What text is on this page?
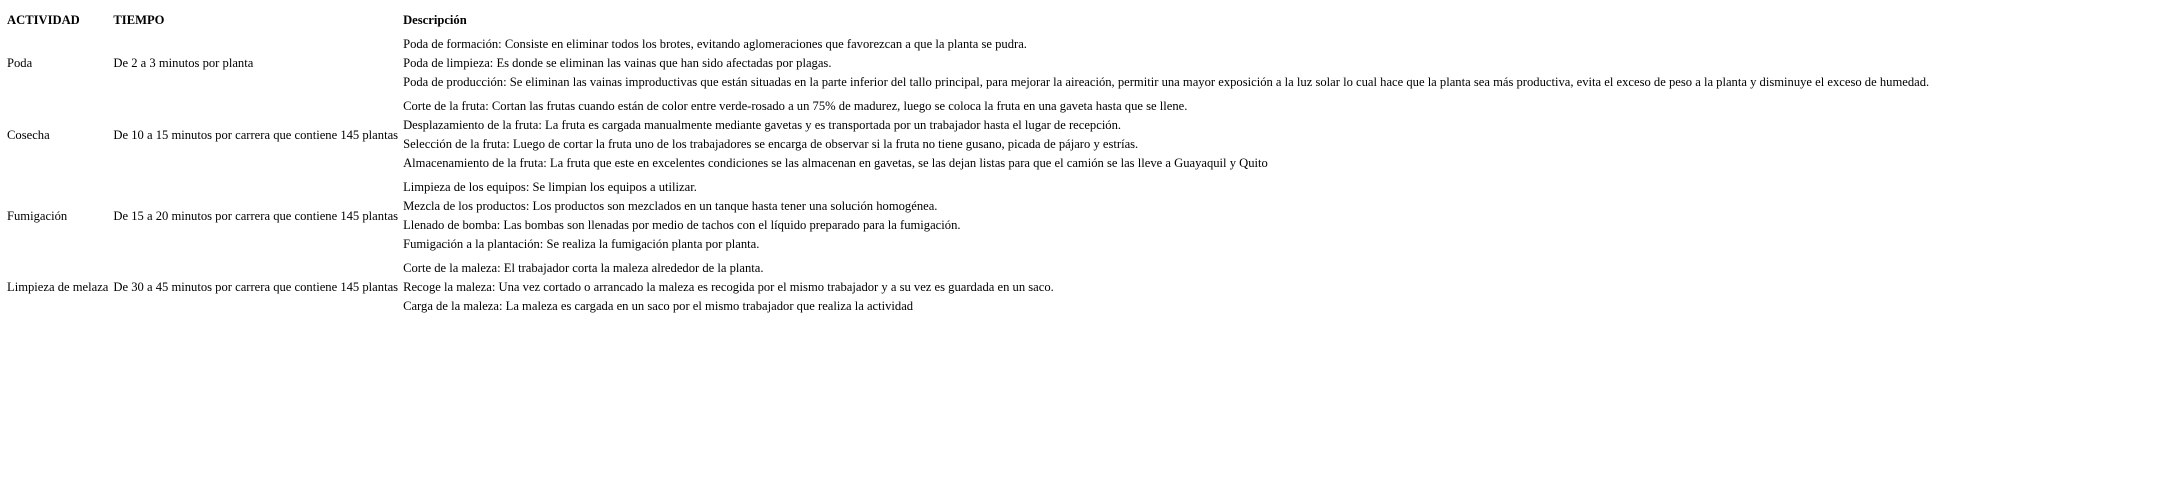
ACTIVIDAD	TIEMPO	Descripción
Poda	De 2 a 3 minutos por planta	Poda de formación: Consiste en eliminar todos los brotes, evitando aglomeraciones que favorezcan a que la planta se pudra.
Poda de limpieza: Es donde se eliminan las vainas que han sido afectadas por plagas.
Poda de producción: Se eliminan las vainas improductivas que están situadas en la parte inferior del tallo principal, para mejorar la aireación, permitir una mayor exposición a la luz solar lo cual hace que la planta sea más productiva, evita el exceso de peso a la planta y disminuye el exceso de humedad.

Cosecha	De 10 a 15 minutos por carrera que contiene 145 plantas	Corte de la fruta: Cortan las frutas cuando están de color entre verde-rosado a un 75% de madurez, luego se coloca la fruta en una gaveta hasta que se llene.
Desplazamiento de la fruta: La fruta es cargada manualmente mediante gavetas y es transportada por un trabajador hasta el lugar de recepción.
Selección de la fruta: Luego de cortar la fruta uno de los trabajadores se encarga de observar si la fruta no tiene gusano, picada de pájaro y estrías.
Almacenamiento de la fruta: La fruta que este en excelentes condiciones se las almacenan en gavetas, se las dejan listas para que el camión se las lleve a Guayaquil y Quito

Fumigación	De 15 a 20 minutos por carrera que contiene 145 plantas	Limpieza de los equipos: Se limpian los equipos a utilizar.
Mezcla de los productos: Los productos son mezclados en un tanque hasta tener una solución homogénea.
Llenado de bomba: Las bombas son llenadas por medio de tachos con el líquido preparado para la fumigación.
Fumigación a la plantación: Se realiza la fumigación planta por planta.

Limpieza de melaza	De 30 a 45 minutos por carrera que contiene 145 plantas	Corte de la maleza: El trabajador corta la maleza alrededor de la planta.
Recoge la maleza: Una vez cortado o arrancado la maleza es recogida por el mismo trabajador y a su vez es guardada en un saco.
Carga de la maleza: La maleza es cargada en un saco por el mismo trabajador que realiza la actividad
